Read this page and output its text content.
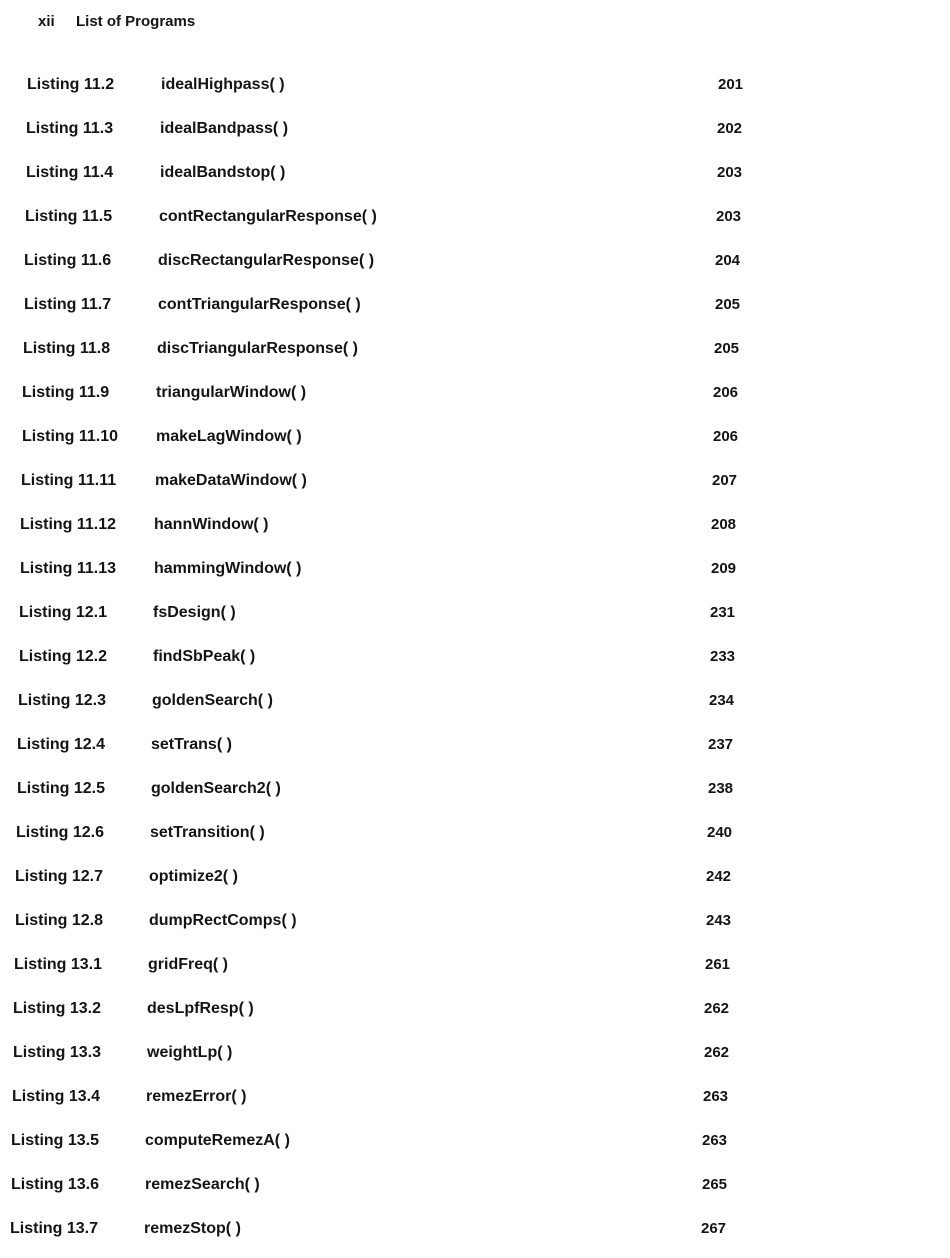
xii List of Programs
Listing 11.2	idealHighpass( )	201
Listing 11.3	idealBandpass( )	202
Listing 11.4	idealBandstop( )	203
Listing 11.5	contRectangularResponse( )	203
Listing 11.6	discRectangularResponse( )	204
Listing 11.7	contTriangularResponse( )	205
Listing 11.8	discTriangularResponse( )	205
Listing 11.9	triangularWindow( )	206
Listing 11.10 makeLagWindow( )	206
Listing 11.11 makeDataWindow( )	207
Listing 11.12 hannWindow( )	208
Listing 11.13 hammingWindow( )	209
Listing 12.1	fsDesign( )	231
Listing 12.2	findSbPeak( )	233
Listing 12.3	goldenSearch( )	234
Listing 12.4	setTrans( )	237
Listing 12.5	goldenSearch2( )	238
Listing 12.6	setTransition( )	240
Listing 12.7	optimize2( )	242
Listing 12.8	dumpRectComps( )	243
Listing 13.1	gridFreq( )	261
Listing 13.2	desLpfResp( )	262
Listing 13.3	weightLp( )	262
Listing 13.4	remezError( )	263
Listing 13.5	computeRemezA( )	263
Listing 13.6	remezSearch( )	265
Listing 13.7	remezStop( )	267
